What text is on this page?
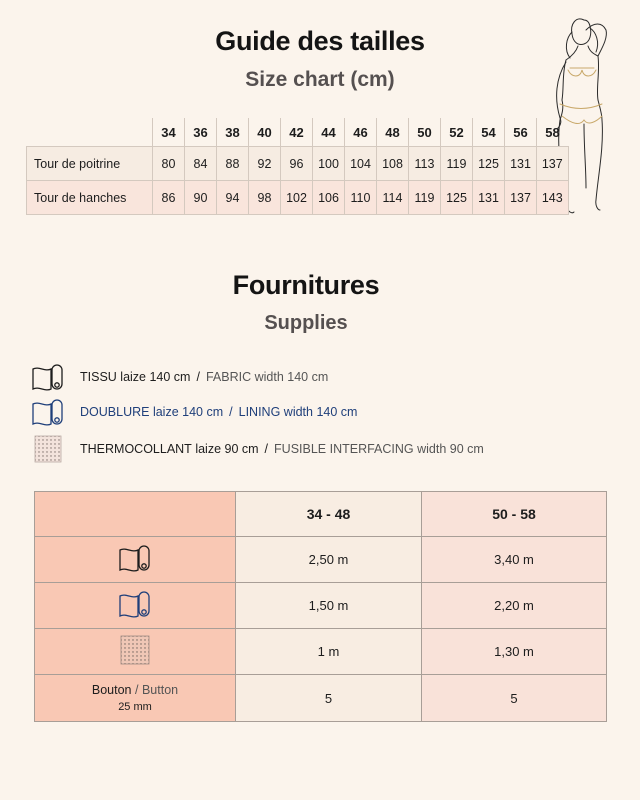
Guide des tailles
Size chart (cm)
	34	36	38	40	42	44	46	48	50	52	54	56	58
Tour de poitrine	80	84	88	92	96	100	104	108	113	119	125	131	137
Tour de hanches	86	90	94	98	102	106	110	114	119	125	131	137	143
Fournitures
Supplies
TISSU
laize 140 cm / FABRIC
width 140 cm
DOUBLURE
laize 140 cm / LINING
width 140 cm
THERMOCOLLANT
laize 90 cm / FUSIBLE INTERFACING
width 90 cm
	34 - 48	50 - 58
	2,50 m	3,40 m
	1,50 m	2,20 m
	1 m	1,30 m

Bouton / Button
25 mm	5	5
